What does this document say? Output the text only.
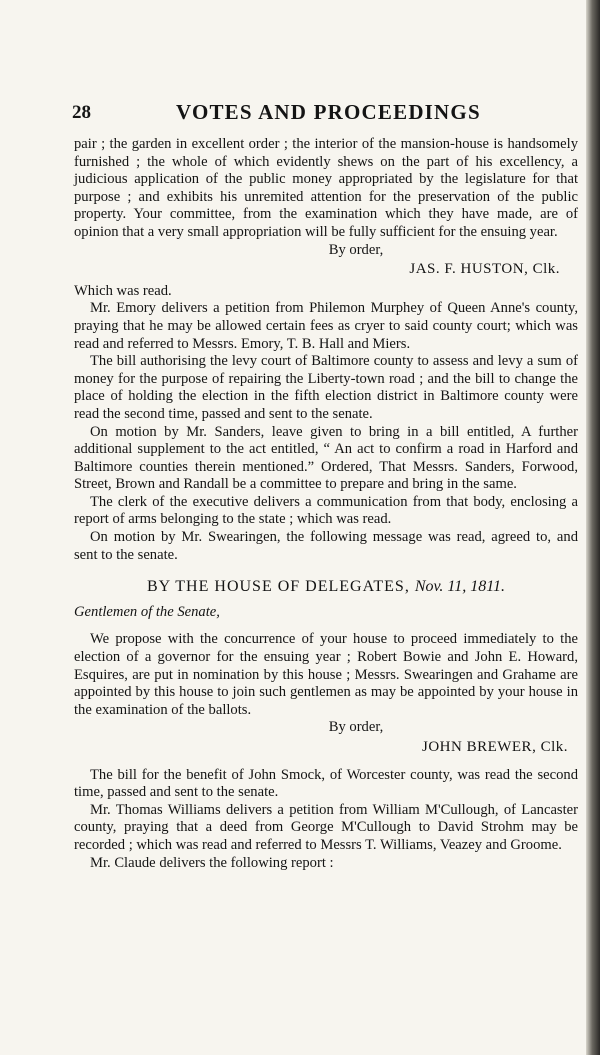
28	VOTES AND PROCEEDINGS

pair ; the garden in excellent order ; the interior of the mansion-house is handsomely furnished ; the whole of which evidently shews on the part of his excellency, a judicious application of the public money appropriated by the legislature for that purpose ; and exhibits his unremited attention for the preservation of the public property. Your committee, from the examination which they have made, are of opinion that a very small appropriation will be fully sufficient for the ensuing year.

By order,

JAS. F. HUSTON, Clk.

Which was read.

Mr. Emory delivers a petition from Philemon Murphey of Queen Anne's county, praying that he may be allowed certain fees as cryer to said county court; which was read and referred to Messrs. Emory, T. B. Hall and Miers.

The bill authorising the levy court of Baltimore county to assess and levy a sum of money for the purpose of repairing the Liberty-town road ; and the bill to change the place of holding the election in the fifth election district in Baltimore county were read the second time, passed and sent to the senate.

On motion by Mr. Sanders, leave given to bring in a bill entitled, A further additional supplement to the act entitled, “ An act to confirm a road in Harford and Baltimore counties therein mentioned.” Ordered, That Messrs. Sanders, Forwood, Street, Brown and Randall be a committee to prepare and bring in the same.

The clerk of the executive delivers a communication from that body, enclosing a report of arms belonging to the state ; which was read.

On motion by Mr. Swearingen, the following message was read, agreed to, and sent to the senate.

BY THE HOUSE OF DELEGATES, Nov. 11, 1811.

Gentlemen of the Senate,

We propose with the concurrence of your house to proceed immediately to the election of a governor for the ensuing year ; Robert Bowie and John E. Howard, Esquires, are put in nomination by this house ; Messrs. Swearingen and Grahame are appointed by this house to join such gentlemen as may be appointed by your house in the examination of the ballots.

By order,

JOHN BREWER, Clk.

The bill for the benefit of John Smock, of Worcester county, was read the second time, passed and sent to the senate.

Mr. Thomas Williams delivers a petition from William M'Cullough, of Lancaster county, praying that a deed from George M'Cullough to David Strohm may be recorded ; which was read and referred to Messrs T. Williams, Veazey and Groome.

Mr. Claude delivers the following report :
